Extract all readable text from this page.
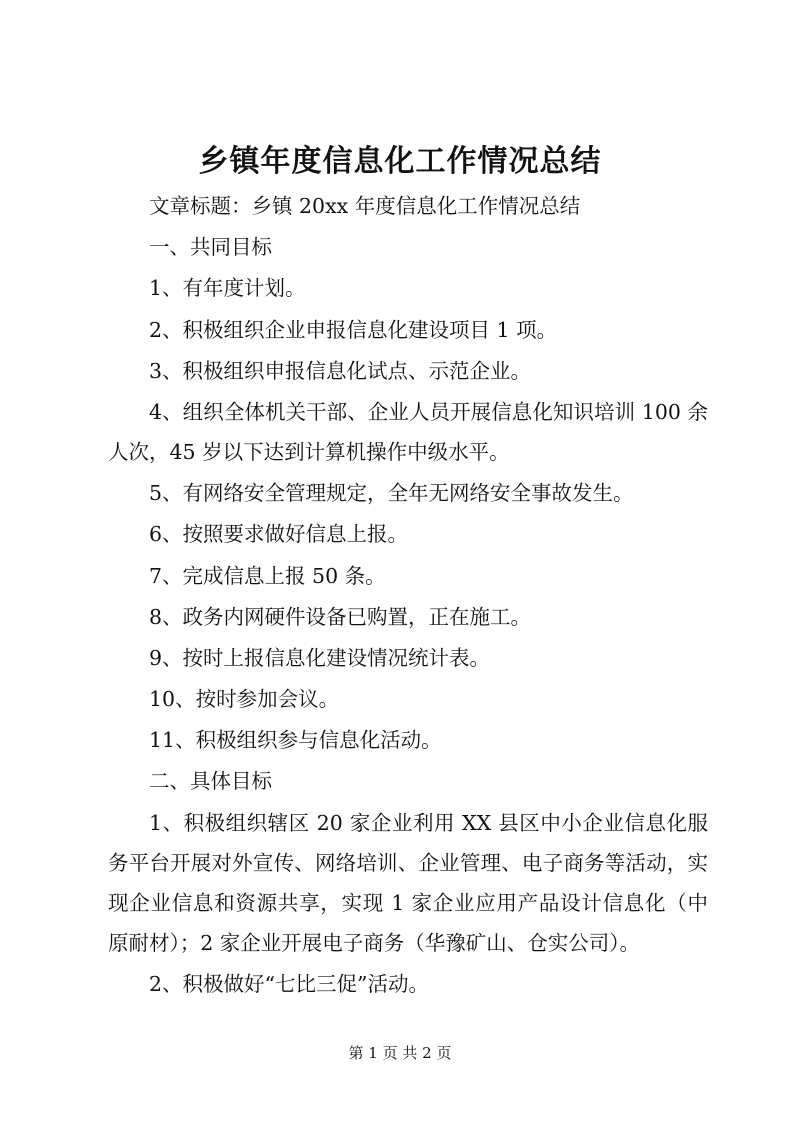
乡镇年度信息化工作情况总结

文章标题：乡镇 20xx 年度信息化工作情况总结

一、共同目标

1、有年度计划。

2、积极组织企业申报信息化建设项目 1 项。

3、积极组织申报信息化试点、示范企业。

4、组织全体机关干部、企业人员开展信息化知识培训 100 余人次，45 岁以下达到计算机操作中级水平。

5、有网络安全管理规定，全年无网络安全事故发生。

6、按照要求做好信息上报。

7、完成信息上报 50 条。

8、政务内网硬件设备已购置，正在施工。

9、按时上报信息化建设情况统计表。

10、按时参加会议。

11、积极组织参与信息化活动。

二、具体目标

1、积极组织辖区 20 家企业利用 XX 县区中小企业信息化服务平台开展对外宣传、网络培训、企业管理、电子商务等活动，实现企业信息和资源共享，实现 1 家企业应用产品设计信息化（中原耐材）；2 家企业开展电子商务（华豫矿山、仓实公司）。

2、积极做好“七比三促”活动。

第 1 页 共 2 页
